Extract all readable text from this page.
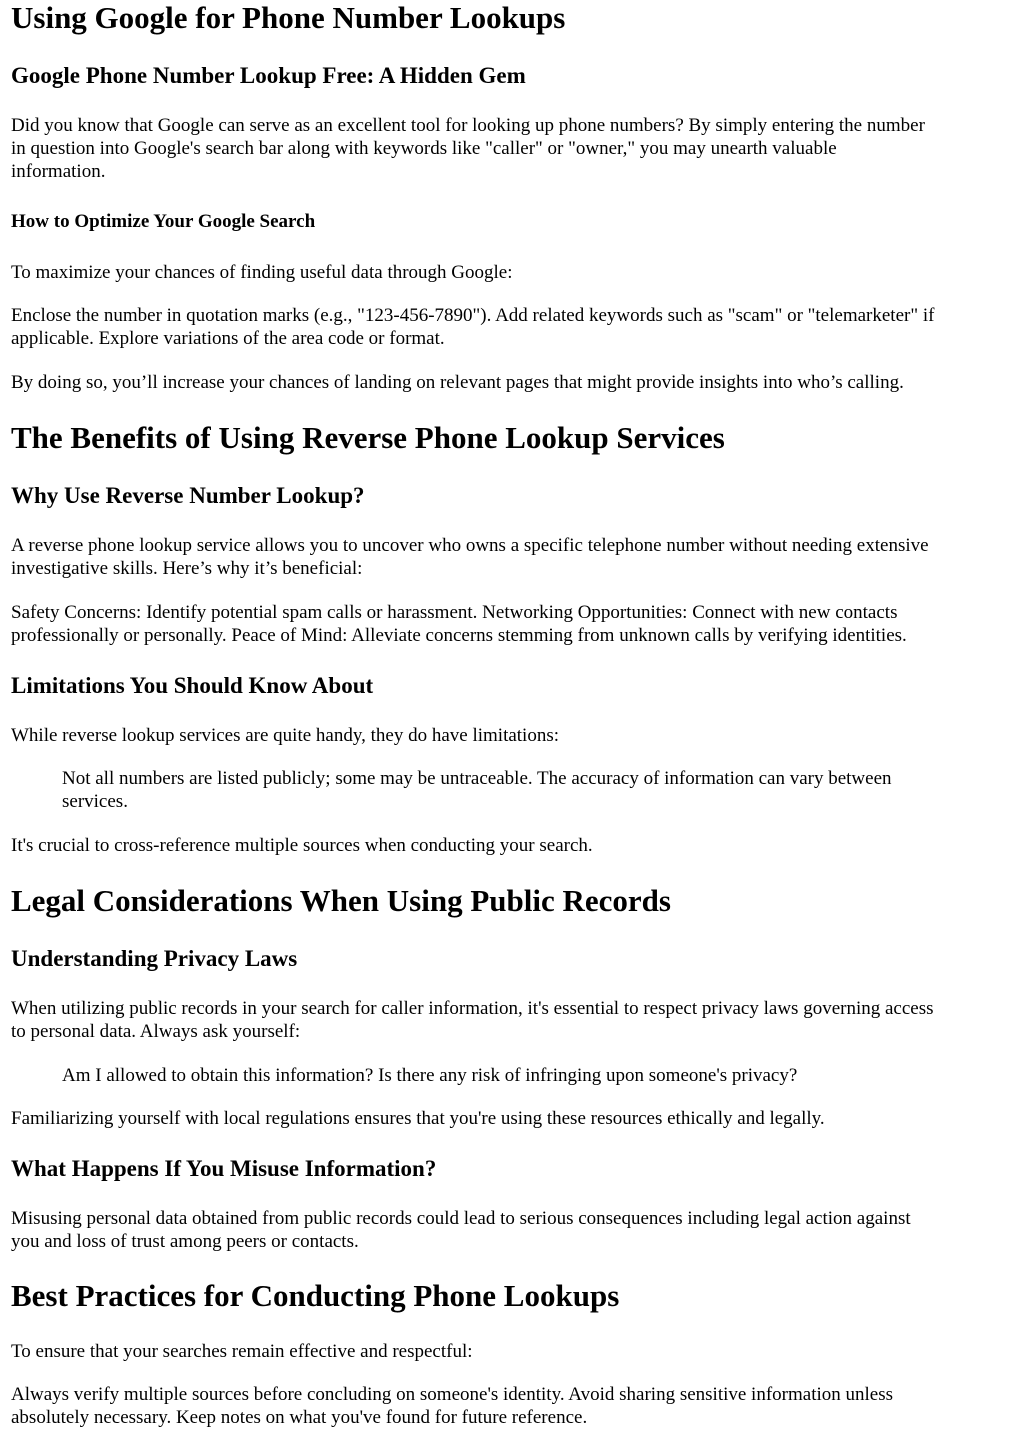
Using Google for Phone Number Lookups
Google Phone Number Lookup Free: A Hidden Gem

Did you know that Google can serve as an excellent tool for looking up phone numbers? By simply entering the number

in question into Google's search bar along with keywords like "caller" or "owner," you may unearth valuable

information.

How to Optimize Your Google Search

To maximize your chances of finding useful data through Google:

Enclose the number in quotation marks (e.g., "123-456-7890"). Add related keywords such as "scam" or "telemarketer" if

applicable. Explore variations of the area code or format.

By doing so, you’ll increase your chances of landing on relevant pages that might provide insights into who’s calling.

The Benefits of Using Reverse Phone Lookup Services
Why Use Reverse Number Lookup?

A reverse phone lookup service allows you to uncover who owns a specific telephone number without needing extensive

investigative skills. Here’s why it’s beneficial:

Safety Concerns: Identify potential spam calls or harassment. Networking Opportunities: Connect with new contacts

professionally or personally. Peace of Mind: Alleviate concerns stemming from unknown calls by verifying identities.

Limitations You Should Know About

While reverse lookup services are quite handy, they do have limitations:

Not all numbers are listed publicly; some may be untraceable. The accuracy of information can vary between

services.

It's crucial to cross-reference multiple sources when conducting your search.

Legal Considerations When Using Public Records
Understanding Privacy Laws

When utilizing public records in your search for caller information, it's essential to respect privacy laws governing access

to personal data. Always ask yourself:

Am I allowed to obtain this information? Is there any risk of infringing upon someone's privacy?

Familiarizing yourself with local regulations ensures that you're using these resources ethically and legally.

What Happens If You Misuse Information?

Misusing personal data obtained from public records could lead to serious consequences including legal action against

you and loss of trust among peers or contacts.

Best Practices for Conducting Phone Lookups

To ensure that your searches remain effective and respectful:

Always verify multiple sources before concluding on someone's identity. Avoid sharing sensitive information unless

absolutely necessary. Keep notes on what you've found for future reference.
